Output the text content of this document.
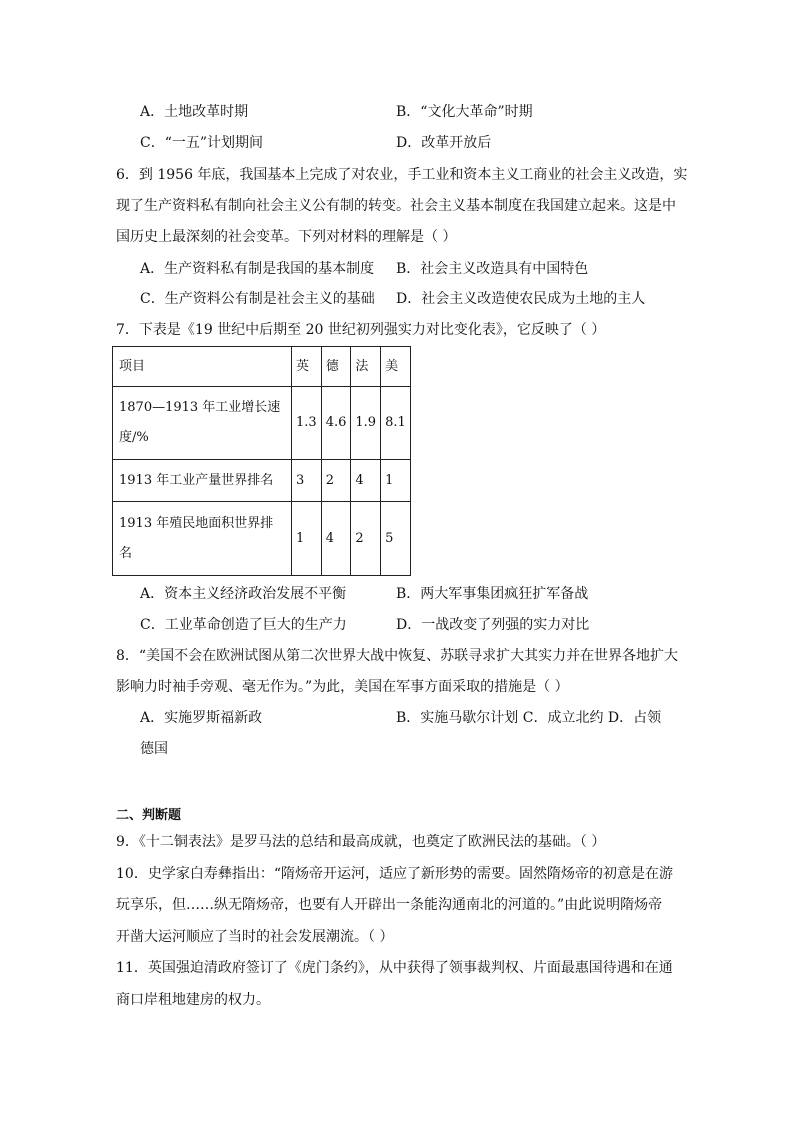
A．土地改革时期	B．“文化大革命”时期
C．“一五”计划期间	D．改革开放后
6．到 1956 年底，我国基本上完成了对农业，手工业和资本主义工商业的社会主义改造，实
现了生产资料私有制向社会主义公有制的转变。社会主义基本制度在我国建立起来。这是中
国历史上最深刻的社会变革。下列对材料的理解是（ ）
A．生产资料私有制是我国的基本制度 B．社会主义改造具有中国特色
C．生产资料公有制是社会主义的基础 D．社会主义改造使农民成为土地的主人
7．下表是《19 世纪中后期至 20 世纪初列强实力对比变化表》，它反映了（ ）
项目	英	德	法	美

1870—1913 年工业增长速
度/%	1.3	4.6	1.9	8.1
1913 年工业产量世界排名	3	2	4	1

1913 年殖民地面积世界排
名	1	4	2	5
A．资本主义经济政治发展不平衡	B．两大军事集团疯狂扩军备战
C．工业革命创造了巨大的生产力	D．一战改变了列强的实力对比
8．“美国不会在欧洲试图从第二次世界大战中恢复、苏联寻求扩大其实力并在世界各地扩大
影响力时袖手旁观、毫无作为。”为此，美国在军事方面采取的措施是（ ）
A．实施罗斯福新政	B．实施马歇尔计划 C．成立北约 D．占领
德国
二、判断题
9．《十二铜表法》是罗马法的总结和最高成就，也奠定了欧洲民法的基础。（ ）
10．史学家白寿彝指出：“隋炀帝开运河，适应了新形势的需要。固然隋炀帝的初意是在游
玩享乐，但……纵无隋炀帝，也要有人开辟出一条能沟通南北的河道的。”由此说明隋炀帝
开凿大运河顺应了当时的社会发展潮流。（ ）
11．英国强迫清政府签订了《虎门条约》，从中获得了领事裁判权、片面最惠国待遇和在通
商口岸租地建房的权力。
